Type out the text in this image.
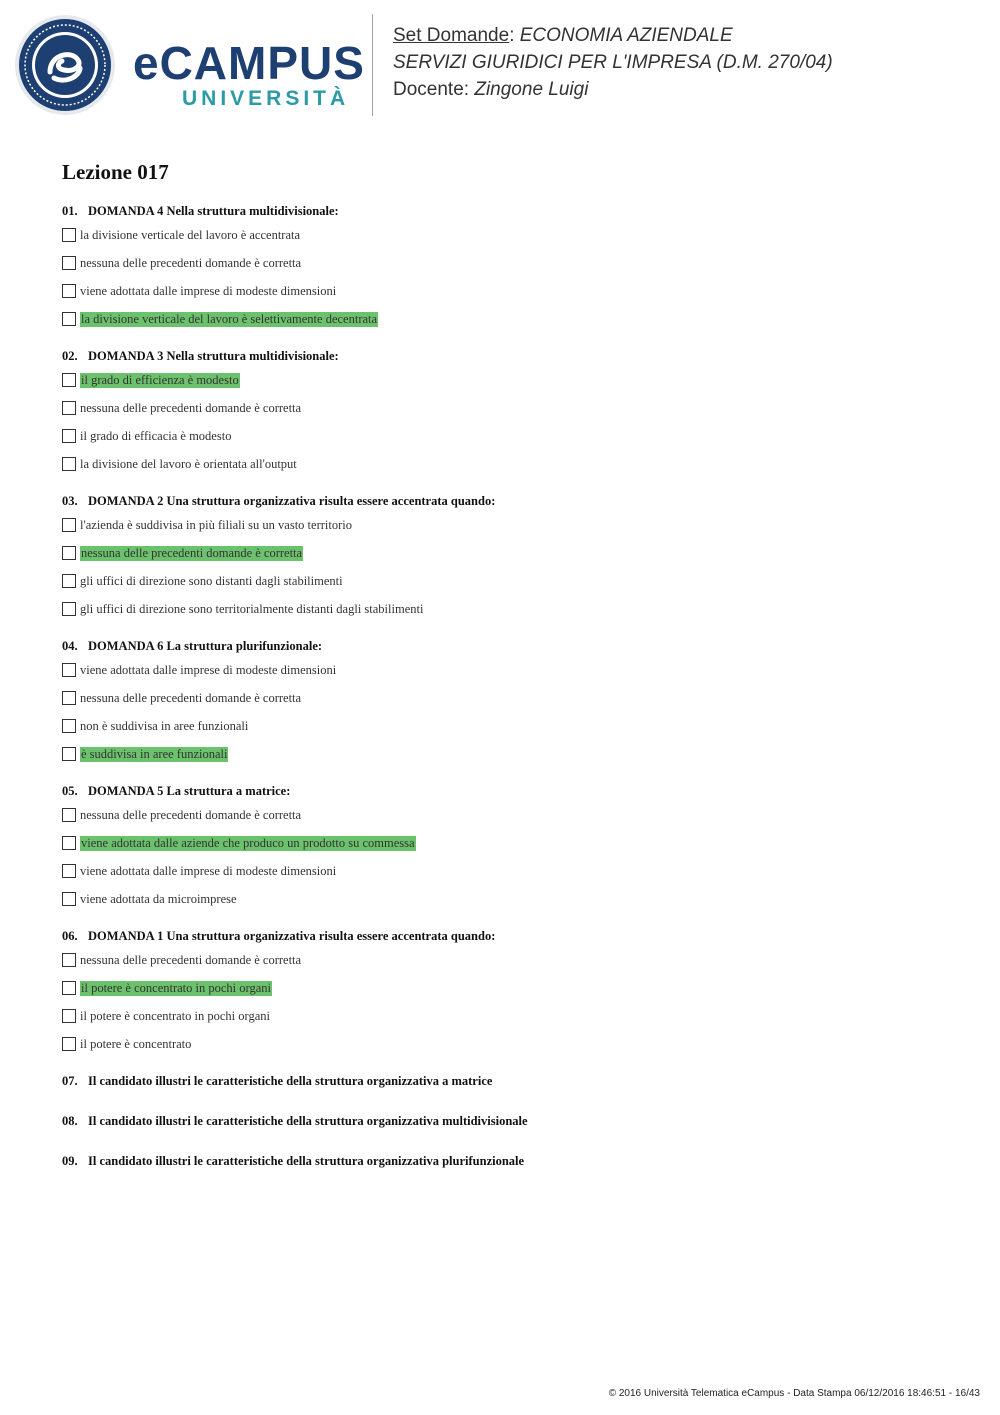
eCAMPUS
UNIVERSITÀ
Set Domande: ECONOMIA AZIENDALE
SERVIZI GIURIDICI PER L'IMPRESA (D.M. 270/04)
Docente: Zingone Luigi
Lezione 017
01. DOMANDA 4 Nella struttura multidivisionale:
la divisione verticale del lavoro è accentrata
nessuna delle precedenti domande è corretta
viene adottata dalle imprese di modeste dimensioni
la divisione verticale del lavoro è selettivamente decentrata
02. DOMANDA 3 Nella struttura multidivisionale:
il grado di efficienza è modesto
nessuna delle precedenti domande è corretta
il grado di efficacia è modesto
la divisione del lavoro è orientata all'output
03. DOMANDA 2 Una struttura organizzativa risulta essere accentrata quando:
l'azienda è suddivisa in più filiali su un vasto territorio
nessuna delle precedenti domande è corretta
gli uffici di direzione sono distanti dagli stabilimenti
gli uffici di direzione sono territorialmente distanti dagli stabilimenti
04. DOMANDA 6 La struttura plurifunzionale:
viene adottata dalle imprese di modeste dimensioni
nessuna delle precedenti domande è corretta
non è suddivisa in aree funzionali
è suddivisa in aree funzionali
05. DOMANDA 5 La struttura a matrice:
nessuna delle precedenti domande è corretta
viene adottata dalle aziende che produco un prodotto su commessa
viene adottata dalle imprese di modeste dimensioni
viene adottata da microimprese
06. DOMANDA 1 Una struttura organizzativa risulta essere accentrata quando:
nessuna delle precedenti domande è corretta
il potere è concentrato in pochi organi
il potere è concentrato in pochi organi
il potere è concentrato
07. Il candidato illustri le caratteristiche della struttura organizzativa a matrice
08. Il candidato illustri le caratteristiche della struttura organizzativa multidivisionale
09. Il candidato illustri le caratteristiche della struttura organizzativa plurifunzionale
© 2016 Università Telematica eCampus - Data Stampa 06/12/2016 18:46:51 - 16/43
